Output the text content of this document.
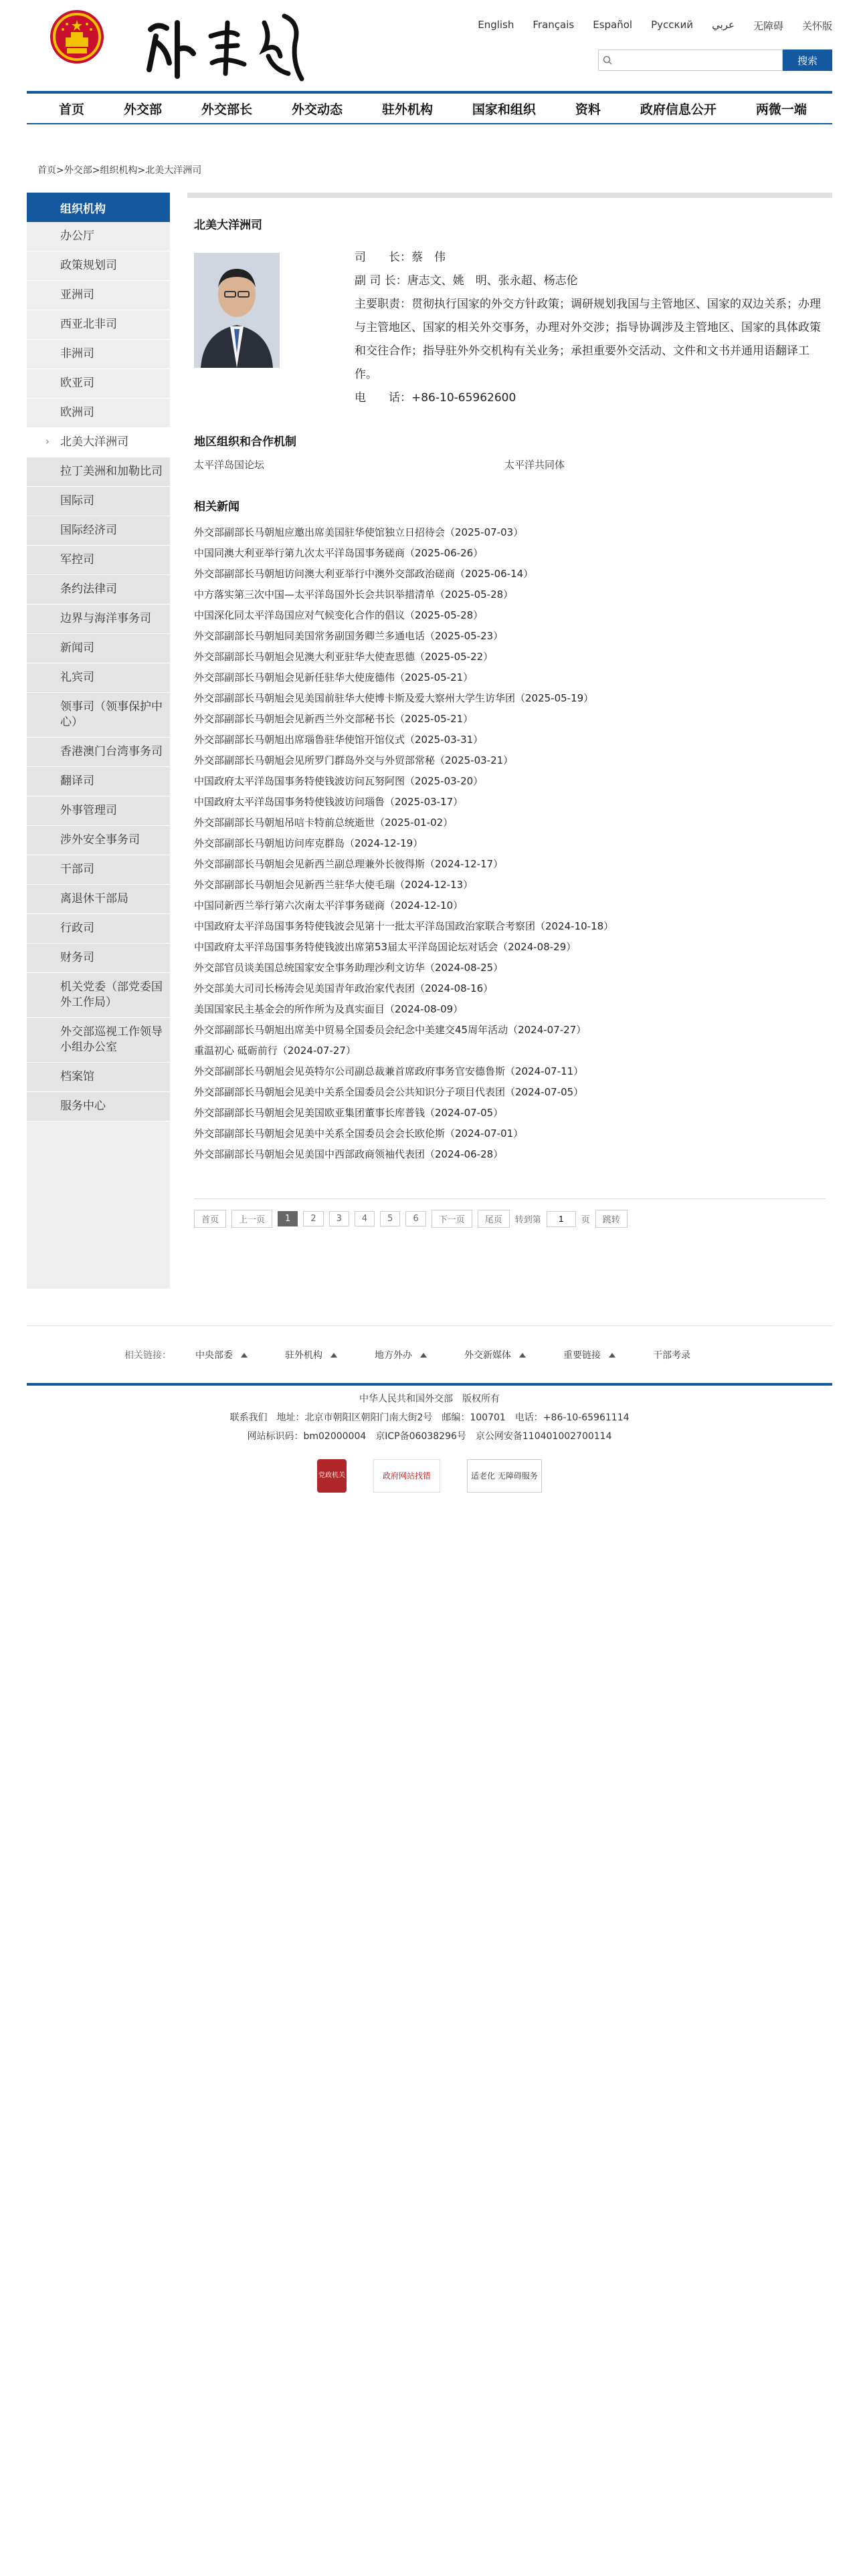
English Français Español Русский عربي 无障碍 关怀版
搜索
首页	外交部	外交部长	外交动态	驻外机构	国家和组织	资料	政府信息公开	两微一端
首页>外交部>组织机构>北美大洋洲司
组织机构
办公厅
政策规划司
亚洲司
西亚北非司
非洲司
欧亚司
欧洲司
› 北美大洋洲司
拉丁美洲和加勒比司
国际司
国际经济司
军控司
条约法律司
边界与海洋事务司
新闻司
礼宾司
领事司（领事保护中心）
香港澳门台湾事务司
翻译司
外事管理司
涉外安全事务司
干部司
离退休干部局
行政司
财务司
机关党委（部党委国外工作局）
外交部巡视工作领导小组办公室
档案馆
服务中心
北美大洋洲司
司　　长：蔡　伟
副 司 长：唐志文、姚　明、张永超、杨志伦
主要职责：贯彻执行国家的外交方针政策；调研规划我国与主管地区、国家的双边关系；办理与主管地区、国家的相关外交事务，办理对外交涉；指导协调涉及主管地区、国家的具体政策和交往合作；指导驻外外交机构有关业务；承担重要外交活动、文件和文书并通用语翻译工作。
电　　话：+86-10-65962600
地区组织和合作机制
太平洋岛国论坛	太平洋共同体
相关新闻
外交部副部长马朝旭应邀出席美国驻华使馆独立日招待会（2025-07-03）
中国同澳大利亚举行第九次太平洋岛国事务磋商（2025-06-26）
外交部副部长马朝旭访问澳大利亚举行中澳外交部政治磋商（2025-06-14）
中方落实第三次中国—太平洋岛国外长会共识举措清单（2025-05-28）
中国深化同太平洋岛国应对气候变化合作的倡议（2025-05-28）
外交部副部长马朝旭同美国常务副国务卿兰多通电话（2025-05-23）
外交部副部长马朝旭会见澳大利亚驻华大使查思德（2025-05-22）
外交部副部长马朝旭会见新任驻华大使庞德伟（2025-05-21）
外交部副部长马朝旭会见美国前驻华大使博卡斯及爱大察州大学生访华团（2025-05-19）
外交部副部长马朝旭会见新西兰外交部秘书长（2025-05-21）
外交部副部长马朝旭出席瑙鲁驻华使馆开馆仪式（2025-03-31）
外交部副部长马朝旭会见所罗门群岛外交与外贸部常秘（2025-03-21）
中国政府太平洋岛国事务特使钱波访问瓦努阿图（2025-03-20）
中国政府太平洋岛国事务特使钱波访问瑙鲁（2025-03-17）
外交部副部长马朝旭吊唁卡特前总统逝世（2025-01-02）
外交部副部长马朝旭访问库克群岛（2024-12-19）
外交部副部长马朝旭会见新西兰副总理兼外长彼得斯（2024-12-17）
外交部副部长马朝旭会见新西兰驻华大使毛瑞（2024-12-13）
中国同新西兰举行第六次南太平洋事务磋商（2024-12-10）
中国政府太平洋岛国事务特使钱波会见第十一批太平洋岛国政治家联合考察团（2024-10-18）
中国政府太平洋岛国事务特使钱波出席第53届太平洋岛国论坛对话会（2024-08-29）
外交部官员谈美国总统国家安全事务助理沙利文访华（2024-08-25）
外交部美大司司长杨涛会见美国青年政治家代表团（2024-08-16）
美国国家民主基金会的所作所为及真实面目（2024-08-09）
外交部副部长马朝旭出席美中贸易全国委员会纪念中美建交45周年活动（2024-07-27）
重温初心 砥砺前行（2024-07-27）
外交部副部长马朝旭会见英特尔公司副总裁兼首席政府事务官安德鲁斯（2024-07-11）
外交部副部长马朝旭会见美中关系全国委员会公共知识分子项目代表团（2024-07-05）
外交部副部长马朝旭会见美国欧亚集团董事长库普钱（2024-07-05）
外交部副部长马朝旭会见美中关系全国委员会会长欧伦斯（2024-07-01）
外交部副部长马朝旭会见美国中西部政商领袖代表团（2024-06-28）
首页	上一页	1	2	3	4	5	6	下一页	尾页	转到第
1	页	跳转
相关链接：	中央部委	驻外机构	地方外办	外交新媒体	重要链接	干部考录
中华人民共和国外交部　版权所有
联系我们　地址：北京市朝阳区朝阳门南大街2号　邮编：100701　电话：+86-10-65961114
网站标识码：bm02000004　京ICP备06038296号　京公网安备110401002700114
党政机关	政府网站找错	适老化 无障碍服务
